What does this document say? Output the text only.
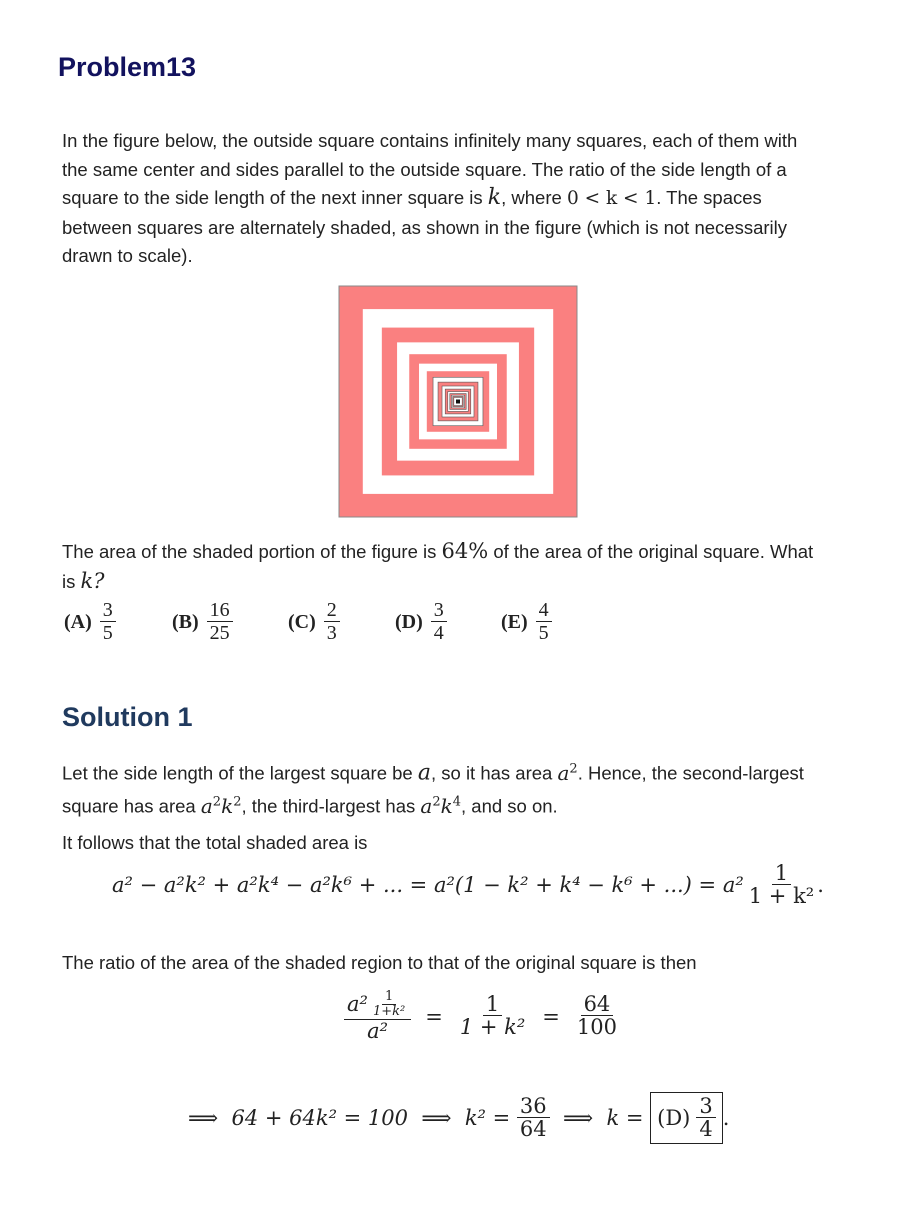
Problem13
In the figure below, the outside square contains infinitely many squares, each of them with
the same center and sides parallel to the outside square. The ratio of the side length of a
square to the side length of the next inner square is k, where 0 < k < 1. The spaces
between squares are alternately shaded, as shown in the figure (which is not necessarily
drawn to scale).
The area of the shaded portion of the figure is 64% of the area of the original square. What
is k?
$(A) \frac{3}{5}$	$(B) \frac{16}{25}$	$(C) \frac{2}{3}$	$(D) \frac{3}{4}$	$(E) \frac{4}{5}$
Solution 1
Let the side length of the largest square be a, so it has area $a^2$. Hence, the second-largest
square has area $a^2k^2$, the third-largest has $a^2k^4$, and so on.
It follows that the total shaded area is
a² − a²k² + a²k⁴ − a²k⁶ + ... = a²(1 − k² + k⁴ − k⁶ + ...) = $a^2 \frac{1}{\text{1 + k²}}$ .
The ratio of the area of the shaded region to that of the original square is then
$\frac{a^2 \frac{1}{\text{1+k²}}}{\text{a²}} = \frac{1}{\text{1 + k²}} = \frac{64}{100}$
⟹  64 + 64k² = 100  ⟹  $k^2 = \frac{36}{64}$ ⟹  $k = (D) \frac{3}{4}$ .
